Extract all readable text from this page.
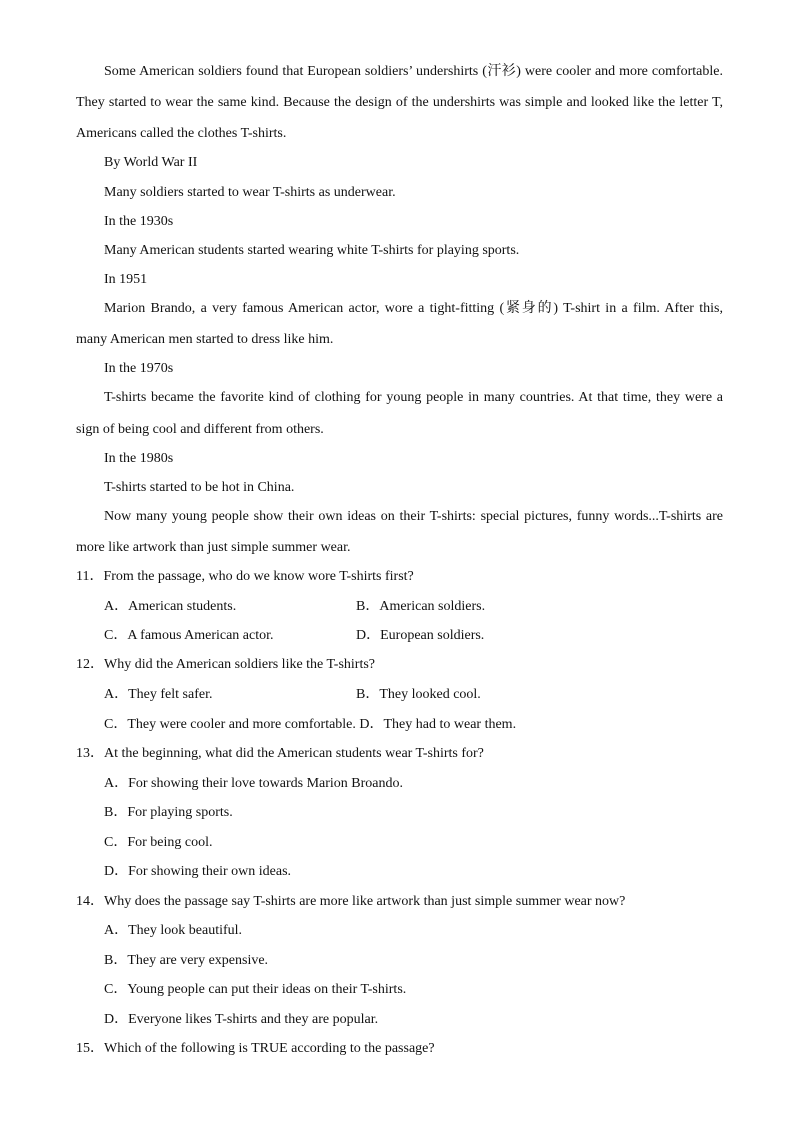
Some American soldiers found that European soldiers’ undershirts (汗衫) were cooler and more comfortable.
They started to wear the same kind. Because the design of the undershirts was simple and looked like the letter T,
Americans called the clothes T-shirts.
By World War II
Many soldiers started to wear T-shirts as underwear.
In the 1930s
Many American students started wearing white T-shirts for playing sports.
In 1951
Marion Brando, a very famous American actor, wore a tight-fitting (紧身的) T-shirt in a film. After this,
many American men started to dress like him.
In the 1970s
T-shirts became the favorite kind of clothing for young people in many countries. At that time, they were a
sign of being cool and different from others.
In the 1980s
T-shirts started to be hot in China.
Now many young people show their own ideas on their T-shirts: special pictures, funny words...T-shirts are
more like artwork than just simple summer wear.
11．From the passage, who do we know wore T-shirts first?
A．American students.	B．American soldiers.
C．A famous American actor.	D．European soldiers.
12．Why did the American soldiers like the T-shirts?
A．They felt safer.	B．They looked cool.
C．They were cooler and more comfortable. D．They had to wear them.
13．At the beginning, what did the American students wear T-shirts for?
A．For showing their love towards Marion Broando.
B．For playing sports.
C．For being cool.
D．For showing their own ideas.
14．Why does the passage say T-shirts are more like artwork than just simple summer wear now?
A．They look beautiful.
B．They are very expensive.
C．Young people can put their ideas on their T-shirts.
D．Everyone likes T-shirts and they are popular.
15．Which of the following is TRUE according to the passage?
